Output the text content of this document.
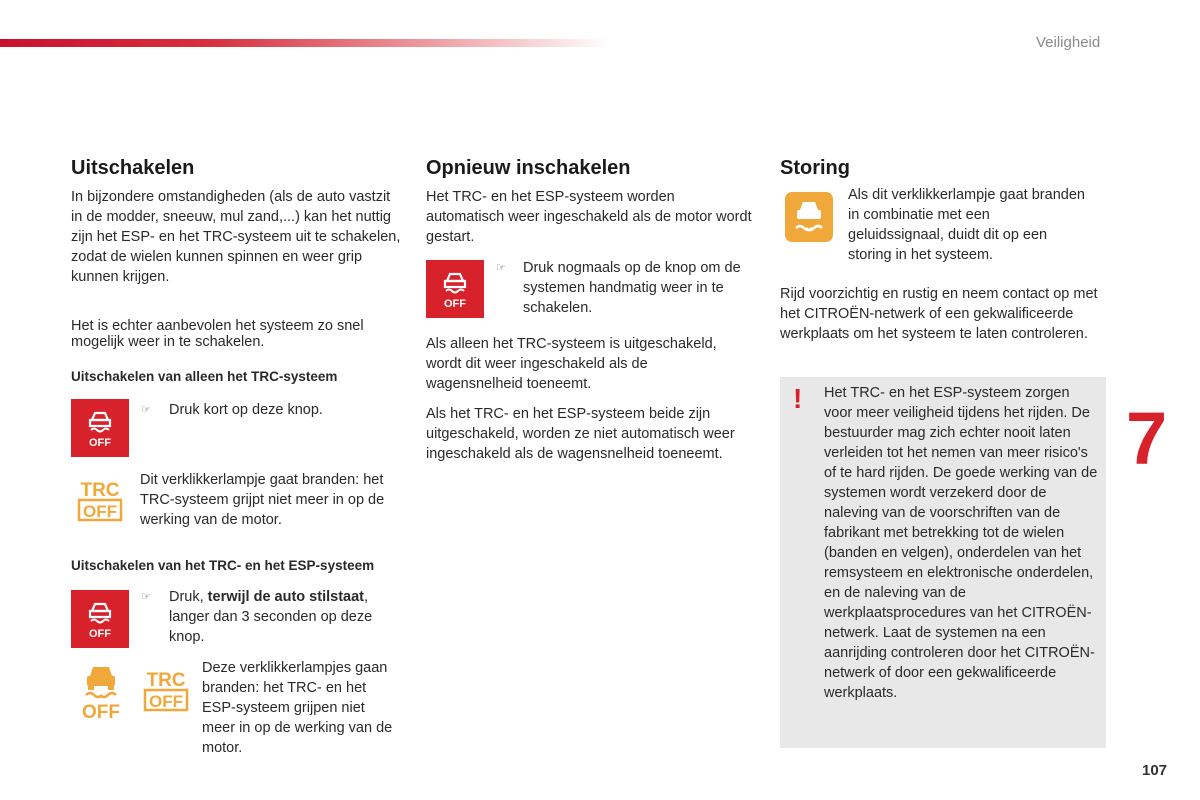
Veiligheid
Uitschakelen

In bijzondere omstandigheden (als de auto vastzit in de modder, sneeuw, mul zand,...) kan het nuttig zijn het ESP- en het TRC-systeem uit te schakelen, zodat de wielen kunnen spinnen en weer grip kunnen krijgen.

Het is echter aanbevolen het systeem zo snel mogelijk weer in te schakelen.

Uitschakelen van alleen het TRC-systeem
OFF
☞ Druk kort op deze knop.

TRC
OFF

Dit verklikkerlampje gaat branden: het TRC-systeem grijpt niet meer in op de werking van de motor.

Uitschakelen van het TRC- en het ESP-systeem
OFF
☞ Druk, terwijl de auto stilstaat, langer dan 3 seconden op deze knop.

OFF
TRC
OFF

Deze verklikkerlampjes gaan branden: het TRC- en het ESP-systeem grijpen niet meer in op de werking van de motor.

Opnieuw inschakelen

Het TRC- en het ESP-systeem worden automatisch weer ingeschakeld als de motor wordt gestart.

OFF
☞ Druk nogmaals op de knop om de systemen handmatig weer in te schakelen.

Als alleen het TRC-systeem is uitgeschakeld, wordt dit weer ingeschakeld als de wagensnelheid toeneemt.

Als het TRC- en het ESP-systeem beide zijn uitgeschakeld, worden ze niet automatisch weer ingeschakeld als de wagensnelheid toeneemt.

Storing

Als dit verklikkerlampje gaat branden in combinatie met een geluidssignaal, duidt dit op een storing in het systeem.

Rijd voorzichtig en rustig en neem contact op met het CITROËN-netwerk of een gekwalificeerde werkplaats om het systeem te laten controleren.

! Het TRC- en het ESP-systeem zorgen voor meer veiligheid tijdens het rijden. De bestuurder mag zich echter nooit laten verleiden tot het nemen van meer risico's of te hard rijden. De goede werking van de systemen wordt verzekerd door de naleving van de voorschriften van de fabrikant met betrekking tot de wielen (banden en velgen), onderdelen van het remsysteem en elektronische onderdelen, en de naleving van de werkplaatsprocedures van het CITROËN-netwerk. Laat de systemen na een aanrijding controleren door het CITROËN-netwerk of door een gekwalificeerde werkplaats.

7
107
